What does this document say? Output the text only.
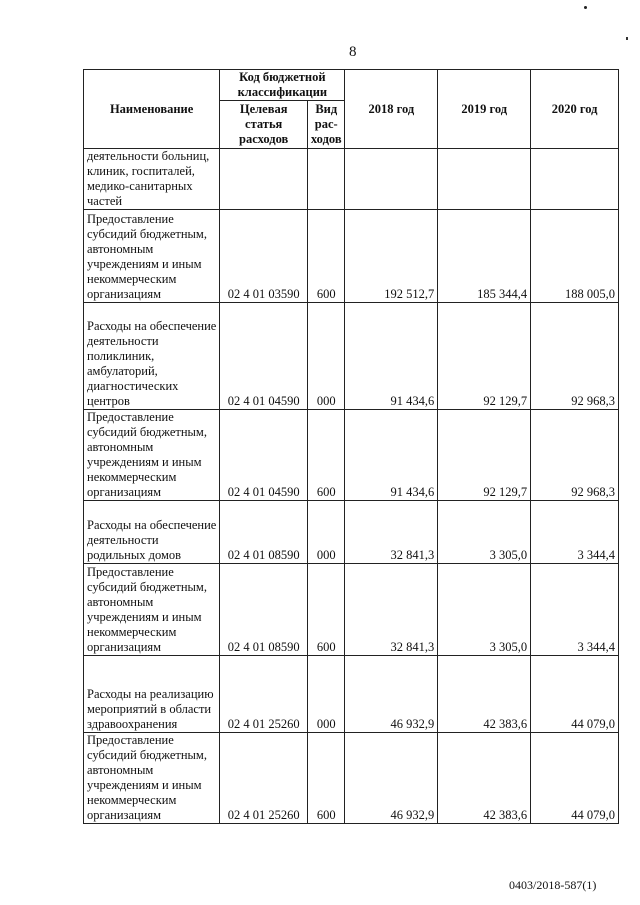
8
Наименование	Код бюджетной классификации		2018 год	2019 год	2020 год
	Целевая статья расходов	Вид рас-ходов			
деятельности больниц, клиник, госпиталей, медико-санитарных частей					
Предоставление субсидий бюджетным, автономным учреждениям и иным некоммерческим организациям	02 4 01 03590	600	192 512,7	185 344,4	188 005,0
Расходы на обеспечение деятельности поликлиник, амбулаторий, диагностических центров	02 4 01 04590	000	91 434,6	92 129,7	92 968,3
Предоставление субсидий бюджетным, автономным учреждениям и иным некоммерческим организациям	02 4 01 04590	600	91 434,6	92 129,7	92 968,3
Расходы на обеспечение деятельности родильных домов	02 4 01 08590	000	32 841,3	3 305,0	3 344,4
Предоставление субсидий бюджетным, автономным учреждениям и иным некоммерческим организациям	02 4 01 08590	600	32 841,3	3 305,0	3 344,4
Расходы на реализацию мероприятий в области здравоохранения	02 4 01 25260	000	46 932,9	42 383,6	44 079,0
Предоставление субсидий бюджетным, автономным учреждениям и иным некоммерческим организациям	02 4 01 25260	600	46 932,9	42 383,6	44 079,0
0403/2018-587(1)
